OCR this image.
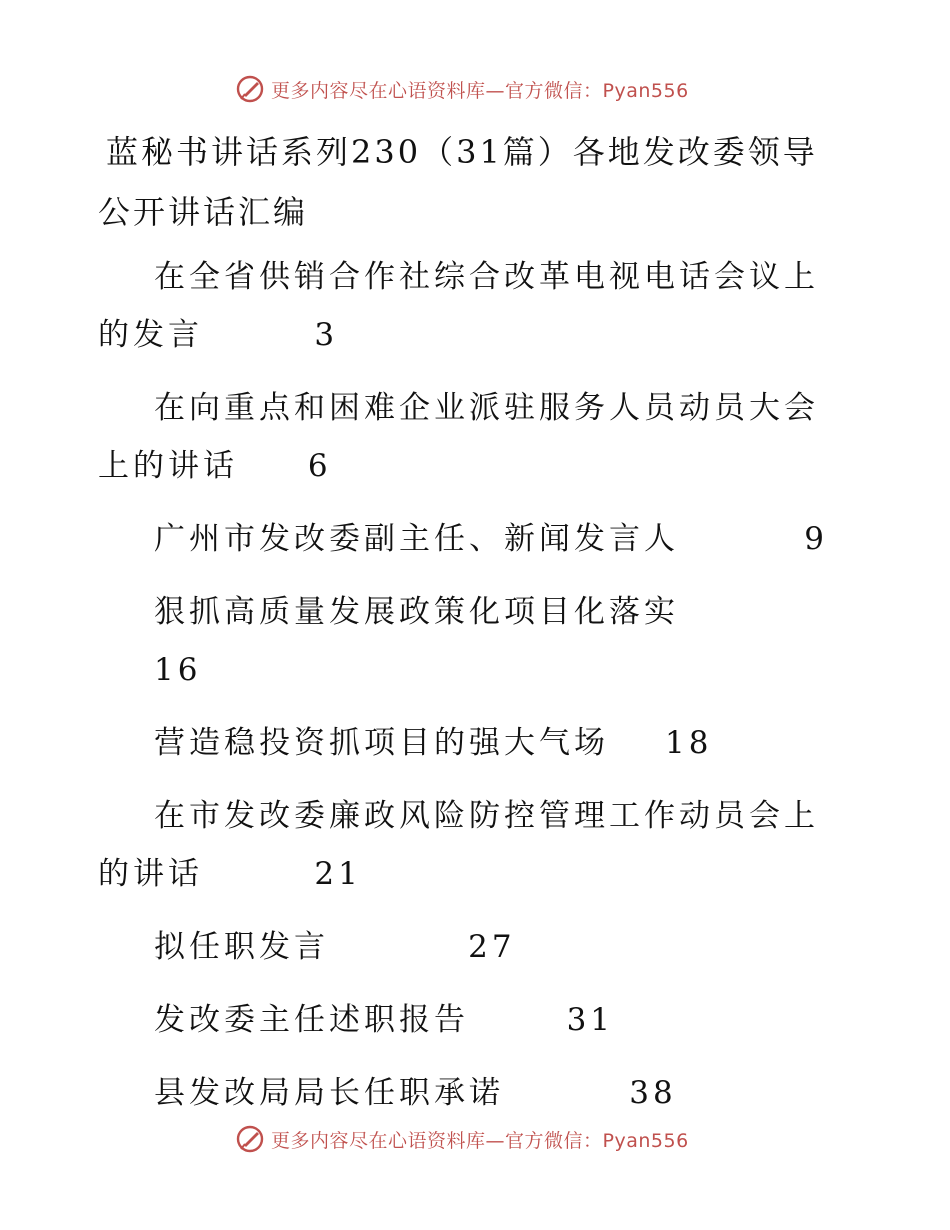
更多内容尽在心语资料库—官方微信：Pyan556
蓝秘书讲话系列230（31篇）各地发改委领导公开讲话汇编
在全省供销合作社综合改革电视电话会议上的发言	3
在向重点和困难企业派驻服务人员动员大会上的讲话 6
广州市发改委副主任、新闻发言人	9
狠抓高质量发展政策化项目化落实     16
营造稳投资抓项目的强大气场 18
在市发改委廉政风险防控管理工作动员会上的讲话	21
拟任职发言	27
发改委主任述职报告	31
县发改局局长任职承诺	38
更多内容尽在心语资料库—官方微信：Pyan556
